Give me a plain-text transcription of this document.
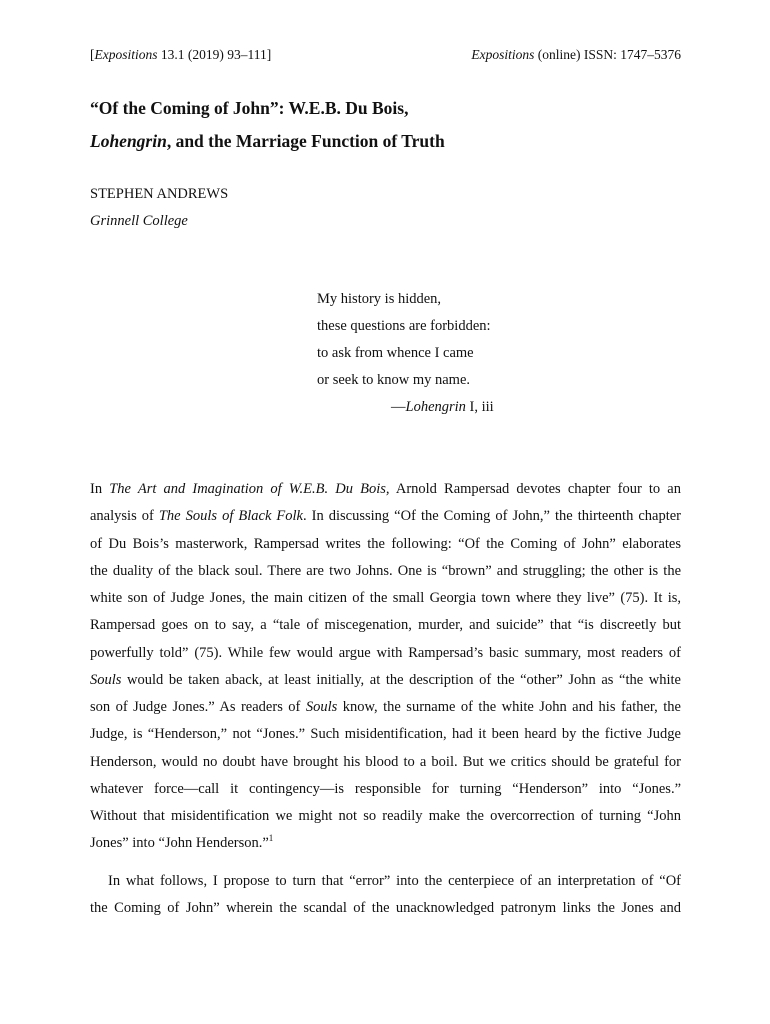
[Expositions 13.1 (2019) 93–111]	Expositions (online) ISSN: 1747–5376
“Of the Coming of John”: W.E.B. Du Bois,
Lohengrin, and the Marriage Function of Truth
STEPHEN ANDREWS
Grinnell College
My history is hidden,
these questions are forbidden:
to ask from whence I came
or seek to know my name.
—Lohengrin I, iii
In The Art and Imagination of W.E.B. Du Bois, Arnold Rampersad devotes chapter four to an
analysis of The Souls of Black Folk. In discussing “Of the Coming of John,” the thirteenth chapter
of Du Bois’s masterwork, Rampersad writes the following: “Of the Coming of John” elaborates
the duality of the black soul. There are two Johns. One is “brown” and struggling; the other is the
white son of Judge Jones, the main citizen of the small Georgia town where they live” (75). It is,
Rampersad goes on to say, a “tale of miscegenation, murder, and suicide” that “is discreetly but
powerfully told” (75). While few would argue with Rampersad’s basic summary, most readers of
Souls would be taken aback, at least initially, at the description of the “other” John as “the white
son of Judge Jones.” As readers of Souls know, the surname of the white John and his father, the
Judge, is “Henderson,” not “Jones.” Such misidentification, had it been heard by the fictive Judge
Henderson, would no doubt have brought his blood to a boil. But we critics should be grateful for
whatever force—call it contingency—is responsible for turning “Henderson” into “Jones.”
Without that misidentification we might not so readily make the overcorrection of turning “John
Jones” into “John Henderson.”$^1$
In what follows, I propose to turn that “error” into the centerpiece of an interpretation of “Of
the Coming of John” wherein the scandal of the unacknowledged patronym links the Jones and
